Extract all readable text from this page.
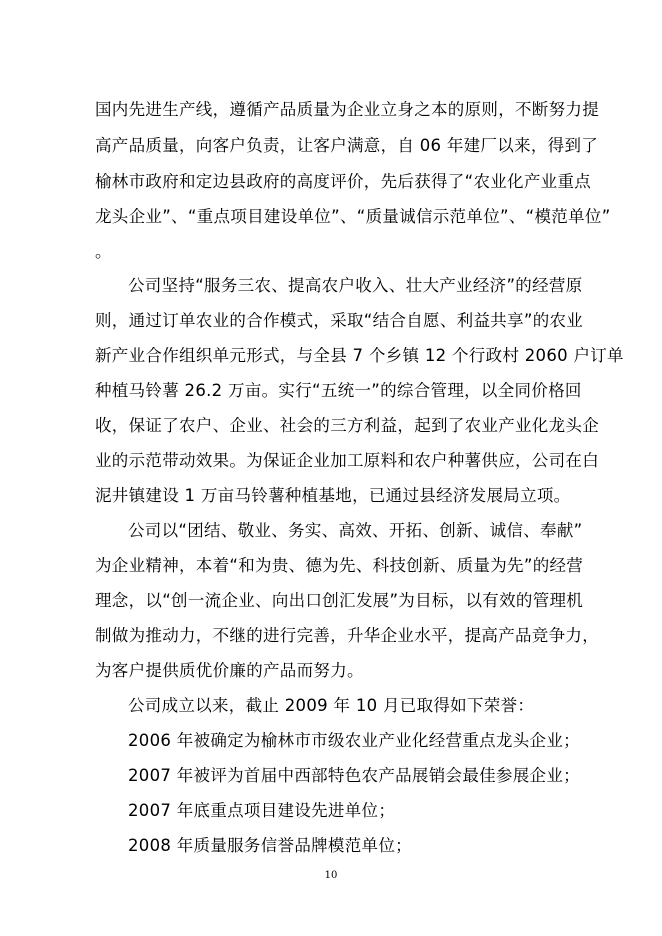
国内先进生产线，遵循产品质量为企业立身之本的原则，不断努力提
高产品质量，向客户负责，让客户满意，自 06 年建厂以来，得到了
榆林市政府和定边县政府的高度评价，先后获得了“农业化产业重点
龙头企业”、“重点项目建设单位”、“质量诚信示范单位”、“模范单位”
。
公司坚持“服务三农、提高农户收入、壮大产业经济”的经营原
则，通过订单农业的合作模式，采取“结合自愿、利益共享”的农业
新产业合作组织单元形式，与全县 7 个乡镇 12 个行政村 2060 户订单
种植马铃薯 26.2 万亩。实行“五统一”的综合管理，以全同价格回
收，保证了农户、企业、社会的三方利益，起到了农业产业化龙头企
业的示范带动效果。为保证企业加工原料和农户种薯供应，公司在白
泥井镇建设 1 万亩马铃薯种植基地，已通过县经济发展局立项。
公司以“团结、敬业、务实、高效、开拓、创新、诚信、奉献”
为企业精神，本着“和为贵、德为先、科技创新、质量为先”的经营
理念，以“创一流企业、向出口创汇发展”为目标，以有效的管理机
制做为推动力，不继的进行完善，升华企业水平，提高产品竞争力，
为客户提供质优价廉的产品而努力。
公司成立以来，截止 2009 年 10 月已取得如下荣誉：
2006 年被确定为榆林市市级农业产业化经营重点龙头企业；
2007 年被评为首届中西部特色农产品展销会最佳参展企业；
2007 年底重点项目建设先进单位；
2008 年质量服务信誉品牌模范单位；
10
